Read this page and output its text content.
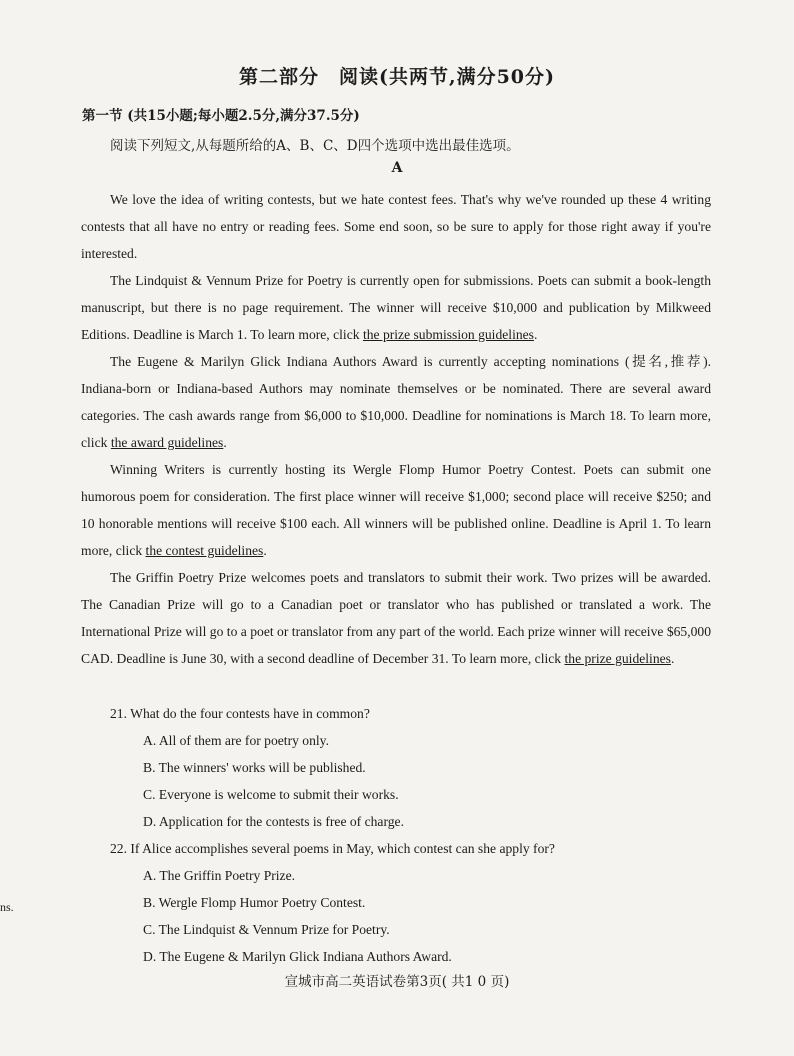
第二部分　阅读(共两节,满分50分)
第一节 (共15小题;每小题2.5分,满分37.5分)
阅读下列短文,从每题所给的A、B、C、D四个选项中选出最佳选项。
A

We love the idea of writing contests, but we hate contest fees. That's why we've rounded up these 4 writing contests that all have no entry or reading fees. Some end soon, so be sure to apply for those right away if you're interested.

The Lindquist & Vennum Prize for Poetry is currently open for submissions. Poets can submit a book-length manuscript, but there is no page requirement. The winner will receive $10,000 and publication by Milkweed Editions. Deadline is March 1. To learn more, click the prize submission guidelines.

The Eugene & Marilyn Glick Indiana Authors Award is currently accepting nominations (提名,推荐). Indiana-born or Indiana-based Authors may nominate themselves or be nominated. There are several award categories. The cash awards range from $6,000 to $10,000. Deadline for nominations is March 18. To learn more, click the award guidelines.

Winning Writers is currently hosting its Wergle Flomp Humor Poetry Contest. Poets can submit one humorous poem for consideration. The first place winner will receive $1,000; second place will receive $250; and 10 honorable mentions will receive $100 each. All winners will be published online. Deadline is April 1. To learn more, click the contest guidelines.

The Griffin Poetry Prize welcomes poets and translators to submit their work. Two prizes will be awarded. The Canadian Prize will go to a Canadian poet or translator who has published or translated a work. The International Prize will go to a poet or translator from any part of the world. Each prize winner will receive $65,000 CAD. Deadline is June 30, with a second deadline of December 31. To learn more, click the prize guidelines.

21. What do the four contests have in common?
A. All of them are for poetry only.
B. The winners' works will be published.
C. Everyone is welcome to submit their works.
D. Application for the contests is free of charge.
22. If Alice accomplishes several poems in May, which contest can she apply for?
A. The Griffin Poetry Prize.
B. Wergle Flomp Humor Poetry Contest.
C. The Lindquist & Vennum Prize for Poetry.
D. The Eugene & Marilyn Glick Indiana Authors Award.
ns.
宣城市高二英语试卷第3页( 共1 0 页)
